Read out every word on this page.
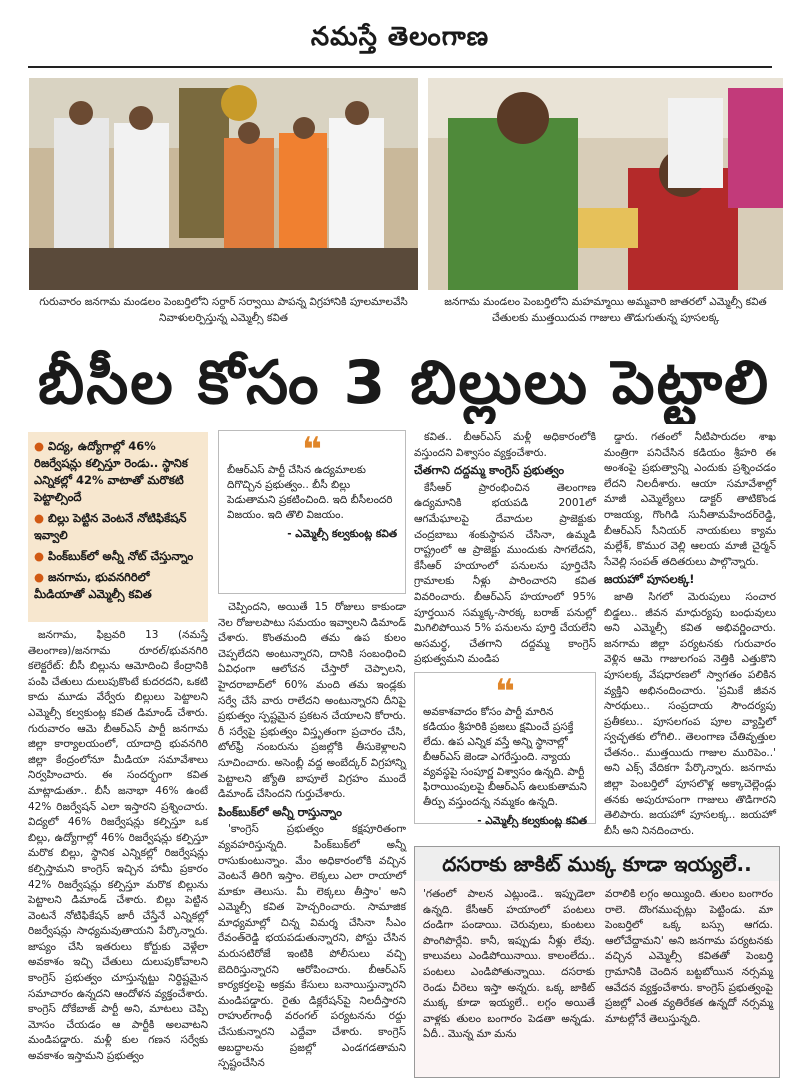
నమస్తే తెలంగాణ
గురువారం జనగామ మండలం పెంబర్తిలోని సర్దార్ సర్వాయి పాపన్న విగ్రహానికి పూలమాలవేసి నివాళులర్పిస్తున్న ఎమ్మెల్సీ కవిత
జనగామ మండలం పెంబర్తిలోని మహమ్మాయి అమ్మవారి జాతరలో ఎమ్మెల్సీ కవిత చేతులకు ముత్తయిదువ గాజులు తొడుగుతున్న పూసలక్క
బీసీల కోసం 3 బిల్లులు పెట్టాలి
● విద్య, ఉద్యోగాల్లో 46% రిజర్వేషన్లు కల్పిస్తూ రెండు.. స్థానిక ఎన్నికల్లో 42% వాటాతో మరొకటి పెట్టాల్సిందే
● బిల్లు పెట్టిన వెంటనే నోటిఫికేషన్ ఇవ్వాలి
● పింక్‌బుక్‌లో అన్నీ నోట్ చేస్తున్నాం
● జనగామ, భువనగిరిలో మీడియాతో ఎమ్మెల్సీ కవిత
❝
బీఆర్‌ఎస్ పార్టీ చేసిన ఉద్యమాలకు దిగొచ్చిన ప్రభుత్వం.. బీసీ బిల్లు పెడుతామని ప్రకటించింది. ఇది బీసీలందరి విజయం. ఇది తొలి విజయం.
- ఎమ్మెల్సీ కల్వకుంట్ల కవిత

జనగామ, ఫిబ్రవరి 13 (నమస్తే తెలంగాణ)/జనగామ రూరల్/భువనగిరి కలెక్టరేట్: బీసీ బిల్లును ఆమోదించి కేంద్రానికి పంపి చేతులు దులుపుకొంటే కుదరదని, ఒకటి కాదు మూడు వేర్వేరు బిల్లులు పెట్టాలని ఎమ్మెల్సీ కల్వకుంట్ల కవిత డిమాండ్ చేశారు. గురువారం ఆమె బీఆర్‌ఎస్ పార్టీ జనగామ జిల్లా కార్యాలయంలో, యాదాద్రి భువనగిరి జిల్లా కేంద్రంలోనూ మీడియా సమావేశాలు నిర్వహించారు. ఈ సందర్భంగా కవిత మాట్లాడుతూ.. బీసీ జనాభా 46% ఉంటే 42% రిజర్వేషన్ ఎలా ఇస్తారని ప్రశ్నించారు. విద్యలో 46% రిజర్వేషన్లు కల్పిస్తూ ఒక బిల్లు, ఉద్యోగాల్లో 46% రిజర్వేషన్లు కల్పిస్తూ మరొక బిల్లు, స్థానిక ఎన్నికల్లో రిజర్వేషన్లు కల్పిస్తామని కాంగ్రెస్ ఇచ్చిన హామీ ప్రకారం 42% రిజర్వేషన్లు కల్పిస్తూ మరొక బిల్లును పెట్టాలని డిమాండ్ చేశారు. బిల్లు పెట్టిన వెంటనే నోటిఫికేషన్ జారీ చేస్తేనే ఎన్నికల్లో రిజర్వేషన్లు సాధ్యమవుతాయని పేర్కొన్నారు. జాప్యం చేసి ఇతరులు కోర్టుకు వెళ్లేలా అవకాశం ఇచ్చి చేతులు దులుపుకోవాలని కాంగ్రెస్ ప్రభుత్వం చూస్తున్నట్టు నిర్ధిష్టమైన సమాచారం ఉన్నదని ఆందోళన వ్యక్తంచేశారు. కాంగ్రెస్ దోకేబాజ్ పార్టీ అని, మాటలు చెప్పి మోసం చేయడం ఆ పార్టీకి అలవాటని మండిపడ్డారు. మళ్లీ కుల గణన సర్వేకు అవకాశం ఇస్తామని ప్రభుత్వం

చెప్పిందని, అయితే 15 రోజులు కాకుండా నెల రోజులపాటు సమయం ఇవ్వాలని డిమాండ్ చేశారు. కొంతమంది తమ ఉప కులం చెప్పలేదని అంటున్నారని, దానికి సంబంధించి ఏవిధంగా ఆలోచన చేస్తారో చెప్పాలని, హైదరాబాద్‌లో 60% మంది తమ ఇండ్లకు సర్వే చేసే వారు రాలేదని అంటున్నారని దీనిపై ప్రభుత్వం స్పష్టమైన ప్రకటన చేయాలని కోరారు. రీ సర్వేపై ప్రభుత్వం విస్తృతంగా ప్రచారం చేసి, టోల్‌ఫ్రీ నంబరును ప్రజల్లోకి తీసుకెళ్లాలని సూచించారు. అసెంబ్లీ వద్ద అంబేద్కర్ విగ్రహాన్ని పెట్టాలని జ్యోతి బాపూలే విగ్రహం ముందే డిమాండ్ చేసిందని గుర్తుచేశారు.

పింక్‌బుక్‌లో అన్నీ రాస్తున్నాం

'కాంగ్రెస్ ప్రభుత్వం కక్షపూరితంగా వ్యవహరిస్తున్నది. పింక్‌బుక్‌లో అన్నీ రాసుకుంటున్నాం. మేం అధికారంలోకి వచ్చిన వెంటనే తిరిగి ఇస్తాం. లెక్కలు ఎలా రాయాలో మాకూ తెలుసు. మీ లెక్కలు తీస్తాం' అని ఎమ్మెల్సీ కవిత హెచ్చరించారు. సామాజిక మాధ్యమాల్లో చిన్న విమర్శ చేసినా సీఎం రేవంత్‌రెడ్డి భయపడుతున్నారని, పోస్టు చేసిన మరుసటిరోజే ఇంటికి పోలీసులు వచ్చి బెదిరిస్తున్నారని ఆరోపించారు. బీఆర్‌ఎస్ కార్యకర్తలపై అక్రమ కేసులు బనాయిస్తున్నారని మండిపడ్డారు. రైతు డిక్లరేషన్‌పై నిలదీస్తారని రాహుల్‌గాంధీ వరంగల్ పర్యటనను రద్దు చేసుకున్నారని ఎద్దేవా చేశారు. కాంగ్రెస్ అబద్ధాలను ప్రజల్లో ఎండగడతామని స్పష్టంచేసిన

కవిత.. బీఆర్‌ఎస్ మళ్లీ అధికారంలోకి వస్తుందని విశ్వాసం వ్యక్తంచేశారు.

చేతగాని దద్దమ్మ కాంగ్రెస్ ప్రభుత్వం

కేసీఆర్ ప్రారంభించిన తెలంగాణ ఉద్యమానికి భయపడి 2001లో ఆగమేఘాలపై దేవాదుల ప్రాజెక్టుకు చంద్రబాబు శంకుస్థాపన చేసినా, ఉమ్మడి రాష్ట్రంలో ఆ ప్రాజెక్టు ముందుకు సాగలేదని, కేసీఆర్ హయాంలో పనులను పూర్తిచేసి గ్రామాలకు నీళ్లు పారించారని కవిత వివరించారు. బీఆర్‌ఎస్ హయాంలో 95% పూర్తయిన సమ్మక్క-సారక్క బరాజ్ పనుల్లో మిగిలిపోయిన 5% పనులను పూర్తి చేయలేని అసమర్థ, చేతగాని దద్దమ్మ కాంగ్రెస్ ప్రభుత్వమని మండిప

❝
అవకాశవాదం కోసం పార్టీ మారిన కడియం శ్రీహరికి ప్రజలు క్షమించే ప్రసక్తే లేదు. ఉప ఎన్నిక వస్తే అన్ని స్థానాల్లో బీఆర్‌ఎస్ జెండా ఎగరేస్తుంది. న్యాయ వ్యవస్థపై సంపూర్ణ విశ్వాసం ఉన్నది. పార్టీ ఫిరాయింపులపై బీఆర్‌ఎస్ ఉలుకుతామని తీర్పు వస్తుందన్న నమ్మకం ఉన్నది.
- ఎమ్మెల్సీ కల్వకుంట్ల కవిత

డ్డారు. గతంలో నీటిపారుదల శాఖ మంత్రిగా పనిచేసిన కడియం శ్రీహరి ఈ అంశంపై ప్రభుత్వాన్ని ఎందుకు ప్రశ్నించడం లేదని నిలదీశారు. ఆయా సమావేశాల్లో మాజీ ఎమ్మెల్యేలు డాక్టర్ తాటికొండ రాజయ్య, గొంగిడి సునీతామహేందర్‌రెడ్డి, బీఆర్‌ఎస్ సీనియర్ నాయకులు క్యామ మల్లేశ్, కొముర వెల్లి ఆలయ మాజీ చైర్మన్ సేవెల్లి సంపత్ తదితరులు పాల్గొన్నారు.

జయహో పూసలక్క!

జాతి సిగలో మెరుపులు సంచార బిడ్డలు.. జీవన మాధుర్యపు బంధువులు అని ఎమ్మెల్సీ కవిత అభివర్ణించారు. జనగామ జిల్లా పర్యటనకు గురువారం వెళ్లిన ఆమె గాజులగంప నెత్తికి ఎత్తుకొని పూసలక్క వేషధారణలో స్వాగతం పలికిన వ్యక్తిని అభినందించారు. 'ప్రమికే జీవన సారథులు.. సంప్రదాయ సౌందర్యపు ప్రతీకలు.. పూసలగంప పూల వ్యాప్తిలో స్వచ్ఛతకు లోగిలి.. తెలంగాణ చేతివృత్తుల చేతనం.. ముత్తయిదు గాజుల మురిపెం..' అని ఎక్స్ వేదికగా పేర్కొన్నారు. జనగామ జిల్లా పెంబర్తిలో పూసలొళ్ల అక్కాచెల్లెండ్లు తనకు అపురూపంగా గాజులు తొడిగారని తెలిపారు. జయహో పూసలక్క.. జయహో బీసీ అని నినదించారు.

దసరాకు జాకిట్ ముక్క కూడా ఇయ్యలే..
'గతంలో పాలన ఎట్లుండె.. ఇప్పుడెలా ఉన్నది. కేసీఆర్ హయాంలో పంటలు దండిగా పండాయి. చెరువులు, కుంటలు పొంగిపొర్లేవి. కానీ, ఇప్పుడు నీళ్లు లేవు. కాలువలు ఎండిపోయినాయి. కాలంలేదు.. పంటలు ఎండిపోతున్నాయి. దసరాకు రెండు చీరెలు ఇస్తా అన్నరు. ఒక్క జాకిట్ ముక్క కూడా ఇయ్యలే.. లగ్గం అయితే వాళ్లకు తులం బంగారం పెడతా అన్నడు. ఏదీ.. మొన్న మా మను
వరాలికి లగ్గం అయ్యింది. తులం బంగారం రాలె. దొంగముచ్చట్లు పెట్టిండు. మా పెంబర్తిలో ఒక్క బస్సు ఆగదు. ఆలోచేద్దామని' అని జనగామ పర్యటనకు వచ్చిన ఎమ్మెల్సీ కవితతో పెంబర్తి గ్రామానికి చెందిన బట్టబోయిన నర్సమ్మ ఆవేదన వ్యక్తంచేశారు. కాంగ్రెస్ ప్రభుత్వంపై ప్రజల్లో ఎంత వ్యతిరేకత ఉన్నదో నర్సమ్మ మాటల్లోనే తెలుస్తున్నది.
